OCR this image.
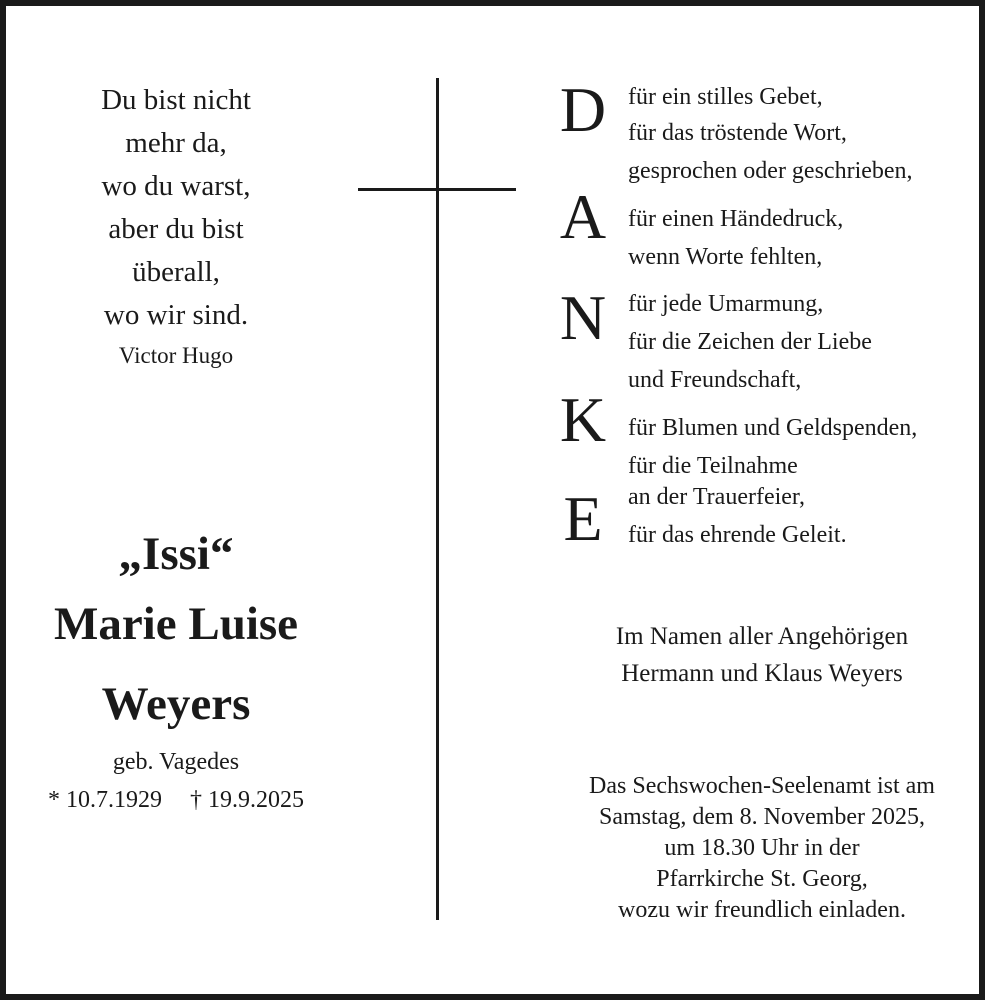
Du bist nicht
mehr da,
wo du warst,
aber du bist
überall,
wo wir sind.
Victor Hugo
„Issi“
Marie Luise
Weyers
geb. Vagedes
* 10.7.1929 † 19.9.2025
D
A
N
K
E
für ein stilles Gebet,
für das tröstende Wort,
gesprochen oder geschrieben,
für einen Händedruck,
wenn Worte fehlten,
für jede Umarmung,
für die Zeichen der Liebe
und Freundschaft,
für Blumen und Geldspenden,
für die Teilnahme
an der Trauerfeier,
für das ehrende Geleit.
Im Namen aller Angehörigen
Hermann und Klaus Weyers
Das Sechswochen-Seelenamt ist am
Samstag, dem 8. November 2025,
um 18.30 Uhr in der
Pfarrkirche St. Georg,
wozu wir freundlich einladen.
